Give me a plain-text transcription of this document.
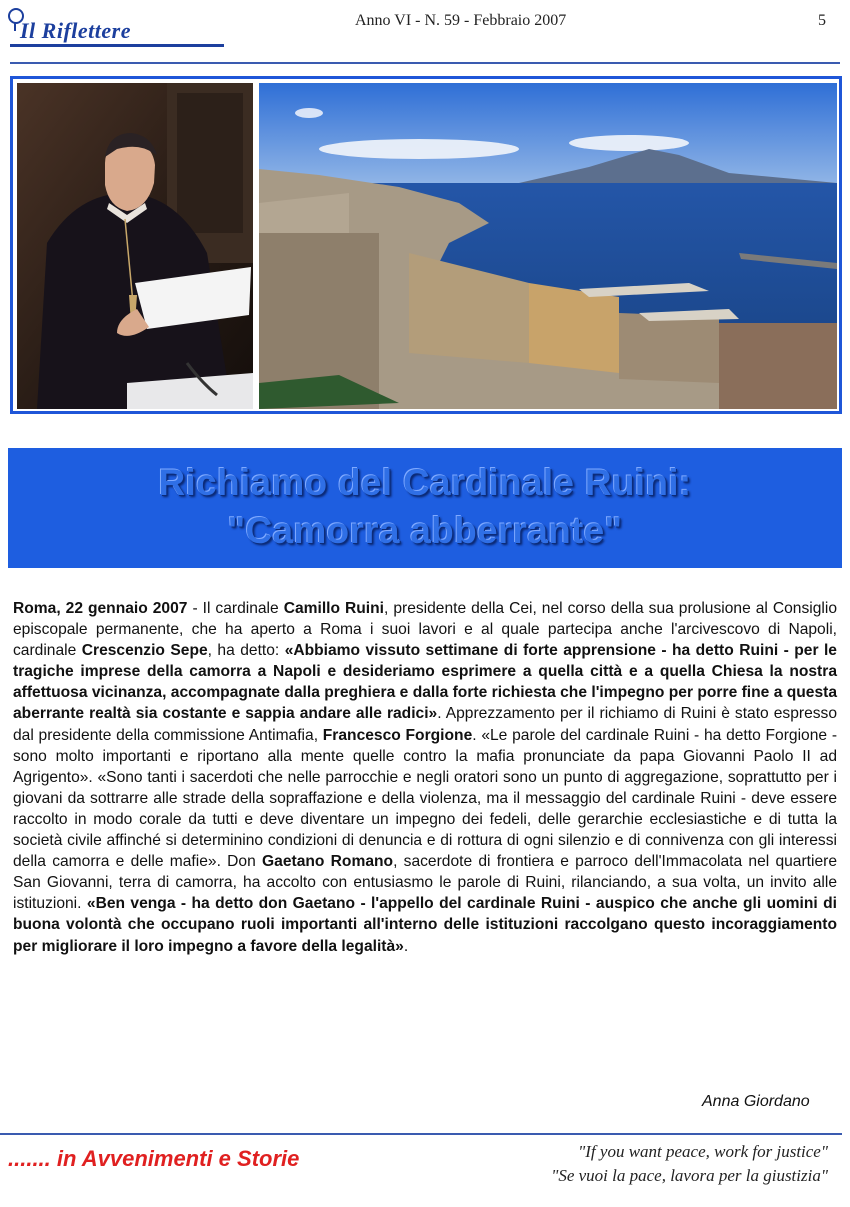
Il Riflettere	Anno VI - N. 59 - Febbraio 2007	5
Richiamo del Cardinale Ruini:
"Camorra abberrante"
Roma, 22 gennaio 2007 - Il cardinale Camillo Ruini, presidente della Cei, nel corso della sua prolusione al Consiglio episcopale permanente, che ha aperto a Roma i suoi lavori e al quale partecipa anche l'arcivescovo di Napoli, cardinale Crescenzio Sepe, ha detto: «Abbiamo vissuto settimane di forte apprensione - ha detto Ruini - per le tragiche imprese della camorra a Napoli e desideriamo esprimere a quella città e a quella Chiesa la nostra affettuosa vicinanza, accompagnate dalla preghiera e dalla forte richiesta che l'impegno per porre fine a questa aberrante realtà sia costante e sappia andare alle radici». Apprezzamento per il richiamo di Ruini è stato espresso dal presidente della commissione Antimafia, Francesco Forgione. «Le parole del cardinale Ruini - ha detto Forgione - sono molto importanti e riportano alla mente quelle contro la mafia pronunciate da papa Giovanni Paolo II ad Agrigento». «Sono tanti i sacerdoti che nelle parrocchie e negli oratori sono un punto di aggregazione, soprattutto per i giovani da sottrarre alle strade della sopraffazione e della violenza, ma il messaggio del cardinale Ruini - deve essere raccolto in modo corale da tutti e deve diventare un impegno dei fedeli, delle gerarchie ecclesiastiche e di tutta la società civile affinché si determinino condizioni di denuncia e di rottura di ogni silenzio e di connivenza con gli interessi della camorra e delle mafie». Don Gaetano Romano, sacerdote di frontiera e parroco dell'Immacolata nel quartiere San Giovanni, terra di camorra, ha accolto con entusiasmo le parole di Ruini, rilanciando, a sua volta, un invito alle istituzioni. «Ben venga - ha detto don Gaetano - l'appello del cardinale Ruini - auspico che anche gli uomini di buona volontà che occupano ruoli importanti all'interno delle istituzioni raccolgano questo incoraggiamento per migliorare il loro impegno a favore della legalità».
Anna Giordano
....... in Avvenimenti e Storie	"If you want peace, work for justice"
"Se vuoi la pace, lavora per la giustizia"
